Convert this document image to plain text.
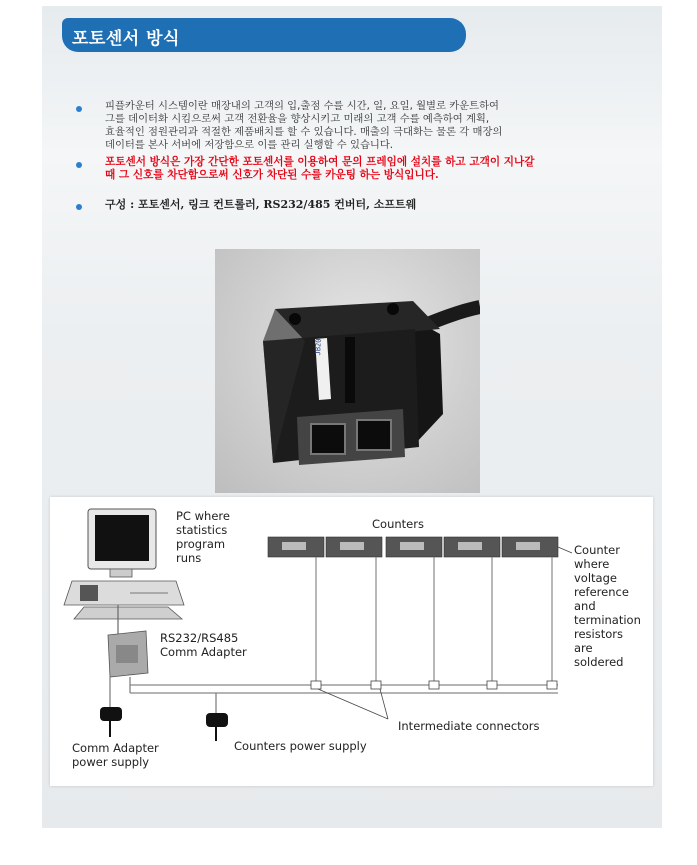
포토센서 방식
피플카운터 시스템이란 매장내의 고객의 입,출점 수를 시간, 일, 요일, 월별로 카운트하여
그를 데이터화 시킴으로써 고객 전환율을 향상시키고 미래의 고객 수를 예측하여 계획,
효율적인 점원관리과 적절한 제품배치를 할 수 있습니다. 매출의 극대화는 물론 각 매장의
데이터를 본사 서버에 저장함으로 이를 관리 실행할 수 있습니다.
포토센서 방식은 가장 간단한 포토센서를 이용하여 문의 프레임에 설치를 하고 고객이 지나갈
때 그 신호를 차단함으로써 신호가 차단된 수를 카운팅 하는 방식입니다.
구성 : 포토센서, 링크 컨트롤러, RS232/485 컨버터, 소프트웨
JB20
PC where
statistics
program
runs
Counters
Counter
where
voltage
reference
and
termination
resistors
are
soldered
RS232/RS485
Comm Adapter
Intermediate connectors
Comm Adapter
power supply
Counters power supply
